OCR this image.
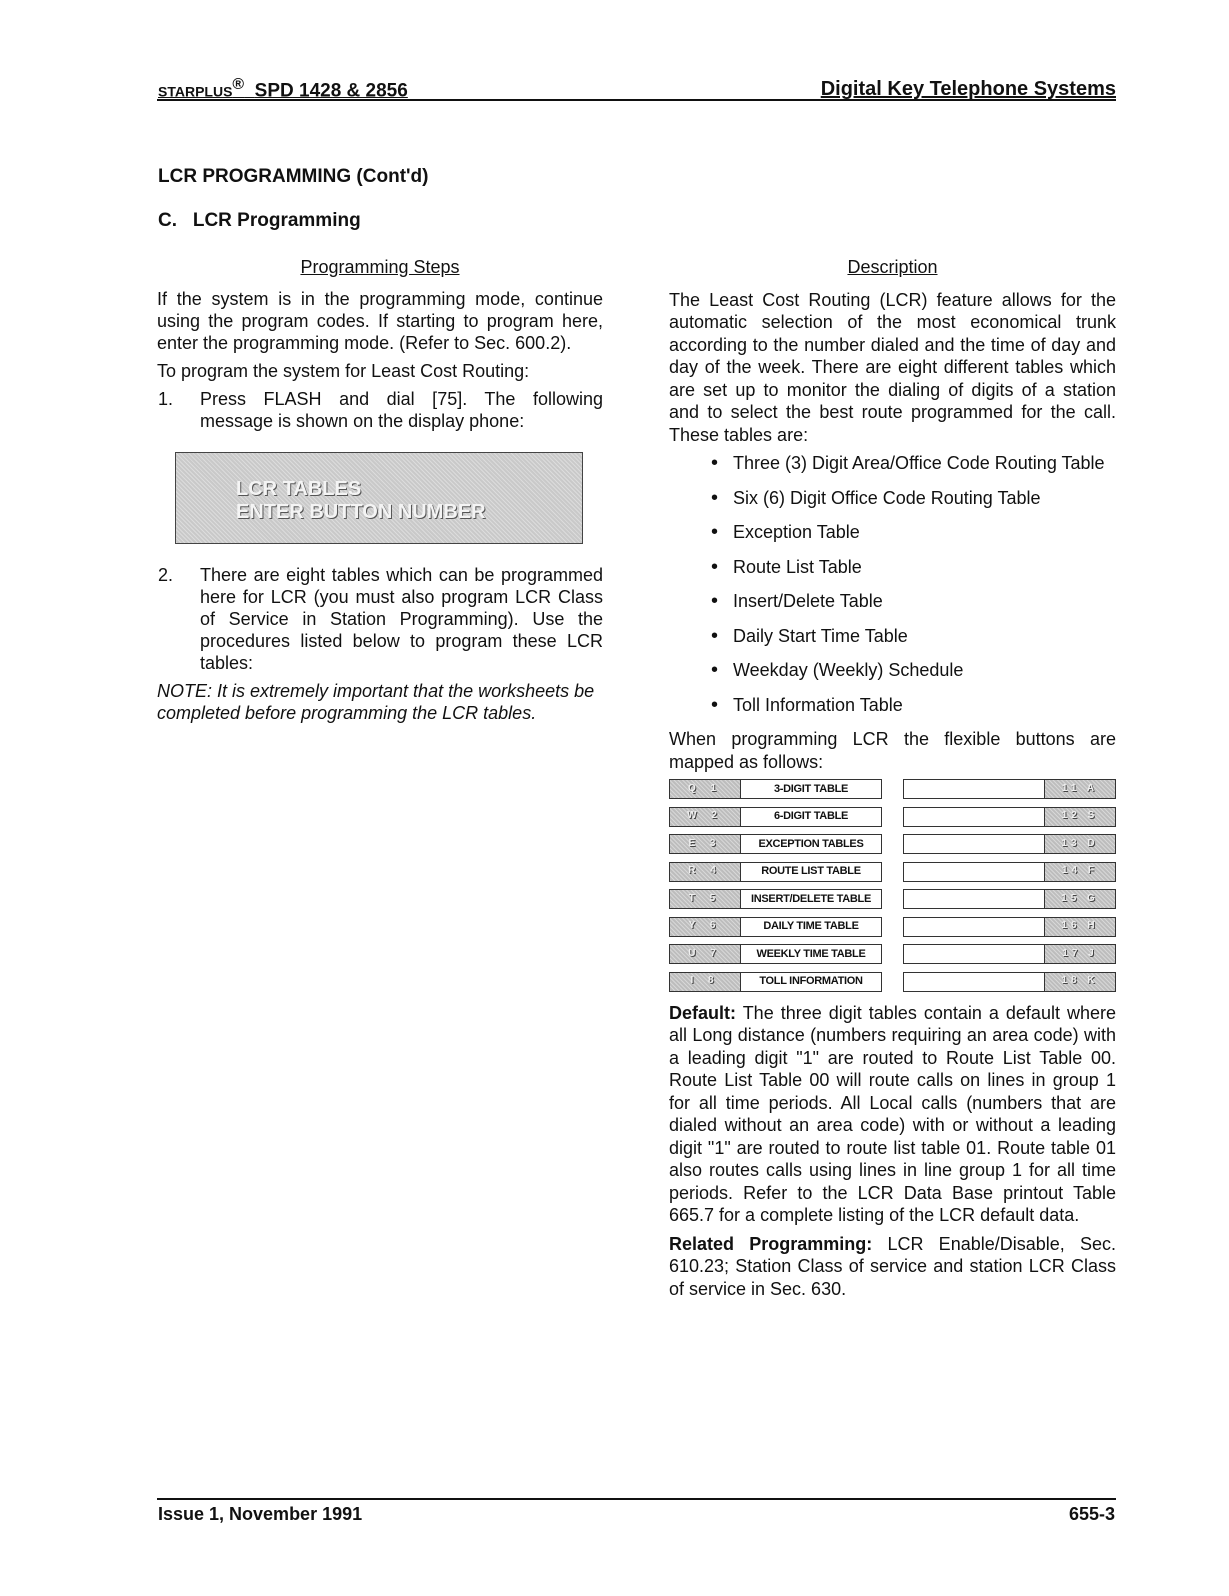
STARPLUS® SPD 1428 & 2856	Digital Key Telephone Systems
LCR PROGRAMMING (Cont'd)
C.   LCR Programming
Programming Steps

If the system is in the programming mode, continue using the program codes. If starting to program here, enter the programming mode. (Refer to Sec. 600.2).

To program the system for Least Cost Routing:

1.	Press FLASH and dial [75]. The following message is shown on the display phone:
LCR TABLES
ENTER BUTTON NUMBER
2.	There are eight tables which can be programmed here for LCR (you must also program LCR Class of Service in Station Programming). Use the procedures listed below to program these LCR tables:

NOTE: It is extremely important that the worksheets be completed before programming the LCR tables.

Description

The Least Cost Routing (LCR) feature allows for the automatic selection of the most economical trunk according to the number dialed and the time of day and day of the week. There are eight different tables which are set up to monitor the dialing of digits of a station and to select the best route programmed for the call. These tables are:

• Three (3) Digit Area/Office Code Routing Table
• Six (6) Digit Office Code Routing Table
• Exception Table
• Route List Table
• Insert/Delete Table
• Daily Start Time Table
• Weekday (Weekly) Schedule
• Toll Information Table

When programming LCR the flexible buttons are mapped as follows:

Q 1	3-DIGIT TABLE	11 A
W 2	6-DIGIT TABLE	12 S
E 3	EXCEPTION TABLES	13 D
R 4	ROUTE LIST TABLE	14 F
T 5	INSERT/DELETE TABLE	15 G
Y 6	DAILY TIME TABLE	16 H
U 7	WEEKLY TIME TABLE	17 J
I 8	TOLL INFORMATION	18 K

Default: The three digit tables contain a default where all Long distance (numbers requiring an area code) with a leading digit "1" are routed to Route List Table 00. Route List Table 00 will route calls on lines in group 1 for all time periods. All Local calls (numbers that are dialed without an area code) with or without a leading digit "1" are routed to route list table 01. Route table 01 also routes calls using lines in line group 1 for all time periods. Refer to the LCR Data Base printout Table 665.7 for a complete listing of the LCR default data.

Related Programming: LCR Enable/Disable, Sec. 610.23; Station Class of service and station LCR Class of service in Sec. 630.

Issue 1, November 1991	655-3
